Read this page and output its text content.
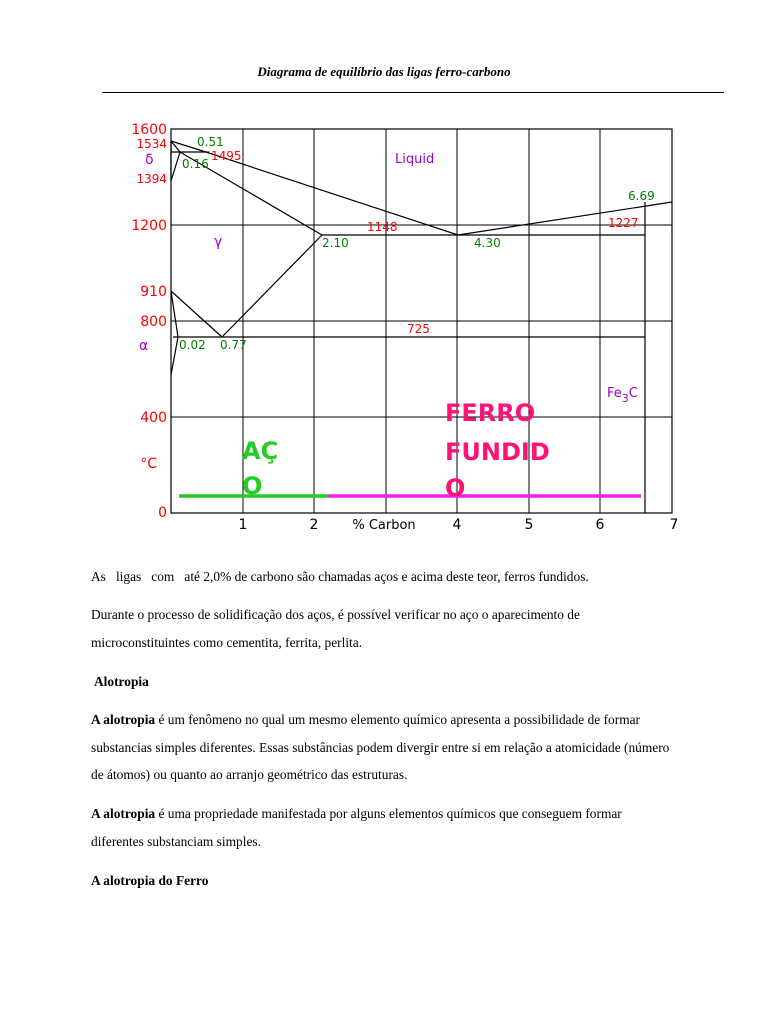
Diagrama de equilíbrio das ligas ferro-carbono
1600
1200
800
400
0
1534
1394
910
°C
1	2	4	5	6	7
% Carbon
δ
γ
α
Liquid
$Fe_3C$
0.51
0.16
1495
1148
6.69
1227
2.10	4.30
725
0.02 0.77
AÇ
O
FERRO
FUNDID
O

As ligas com até 2,0% de carbono são chamadas aços e acima deste teor, ferros fundidos.

Durante o processo de solidificação dos aços, é possível verificar no aço o aparecimento de microconstituintes como cementita, ferrita, perlita.

Alotropia

A alotropia é um fenômeno no qual um mesmo elemento químico apresenta a possibilidade de formar substancias simples diferentes. Essas substâncias podem divergir entre si em relação a atomicidade (número de átomos) ou quanto ao arranjo geométrico das estruturas.

A alotropia é uma propriedade manifestada por alguns elementos químicos que conseguem formar diferentes substanciam simples.

A alotropia do Ferro
